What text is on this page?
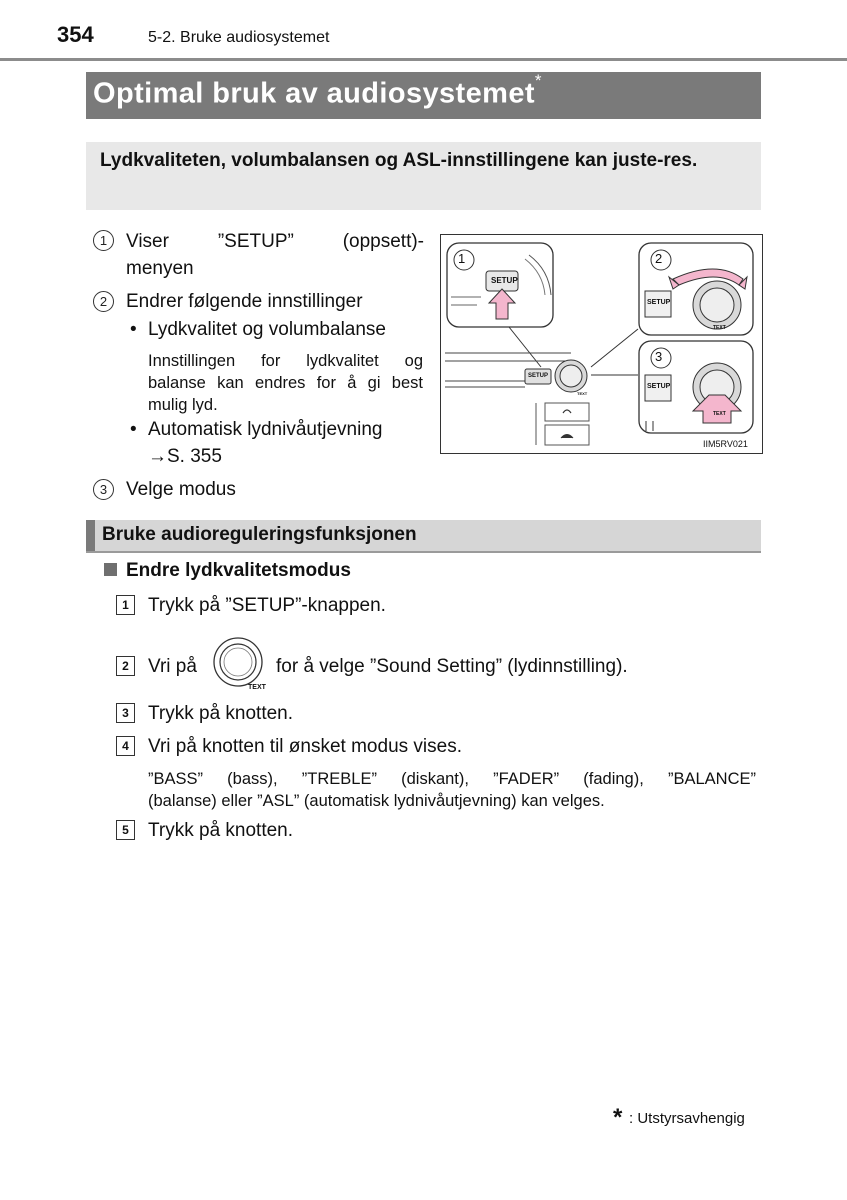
354	5-2. Bruke audiosystemet
Optimal bruk av audiosystemet*
Lydkvaliteten, volumbalansen og ASL-innstillingene kan juste-res.
1 Viser ”SETUP” (oppsett)-
menyen
2 Endrer følgende innstillinger
• Lydkvalitet og volumbalanse
Innstillingen for lydkvalitet og
balanse kan endres for å gi best
mulig lyd.
• Automatisk lydnivåutjevning
→S. 355
3 Velge modus
1	2
3
SETUP
SETUP
SETUP
SETUP
TEXT
TEXT
TEXT
IIM5RV021
Bruke audioreguleringsfunksjonen
Endre lydkvalitetsmodus
1	Trykk på ”SETUP”-knappen.
2	Vri på
TEXT
for å velge ”Sound Setting” (lydinnstilling).
3	Trykk på knotten.
4	Vri på knotten til ønsket modus vises.
”BASS” (bass), ”TREBLE” (diskant), ”FADER” (fading), ”BALANCE”
(balanse) eller ”ASL” (automatisk lydnivåutjevning) kan velges.
5	Trykk på knotten.
* : Utstyrsavhengig
